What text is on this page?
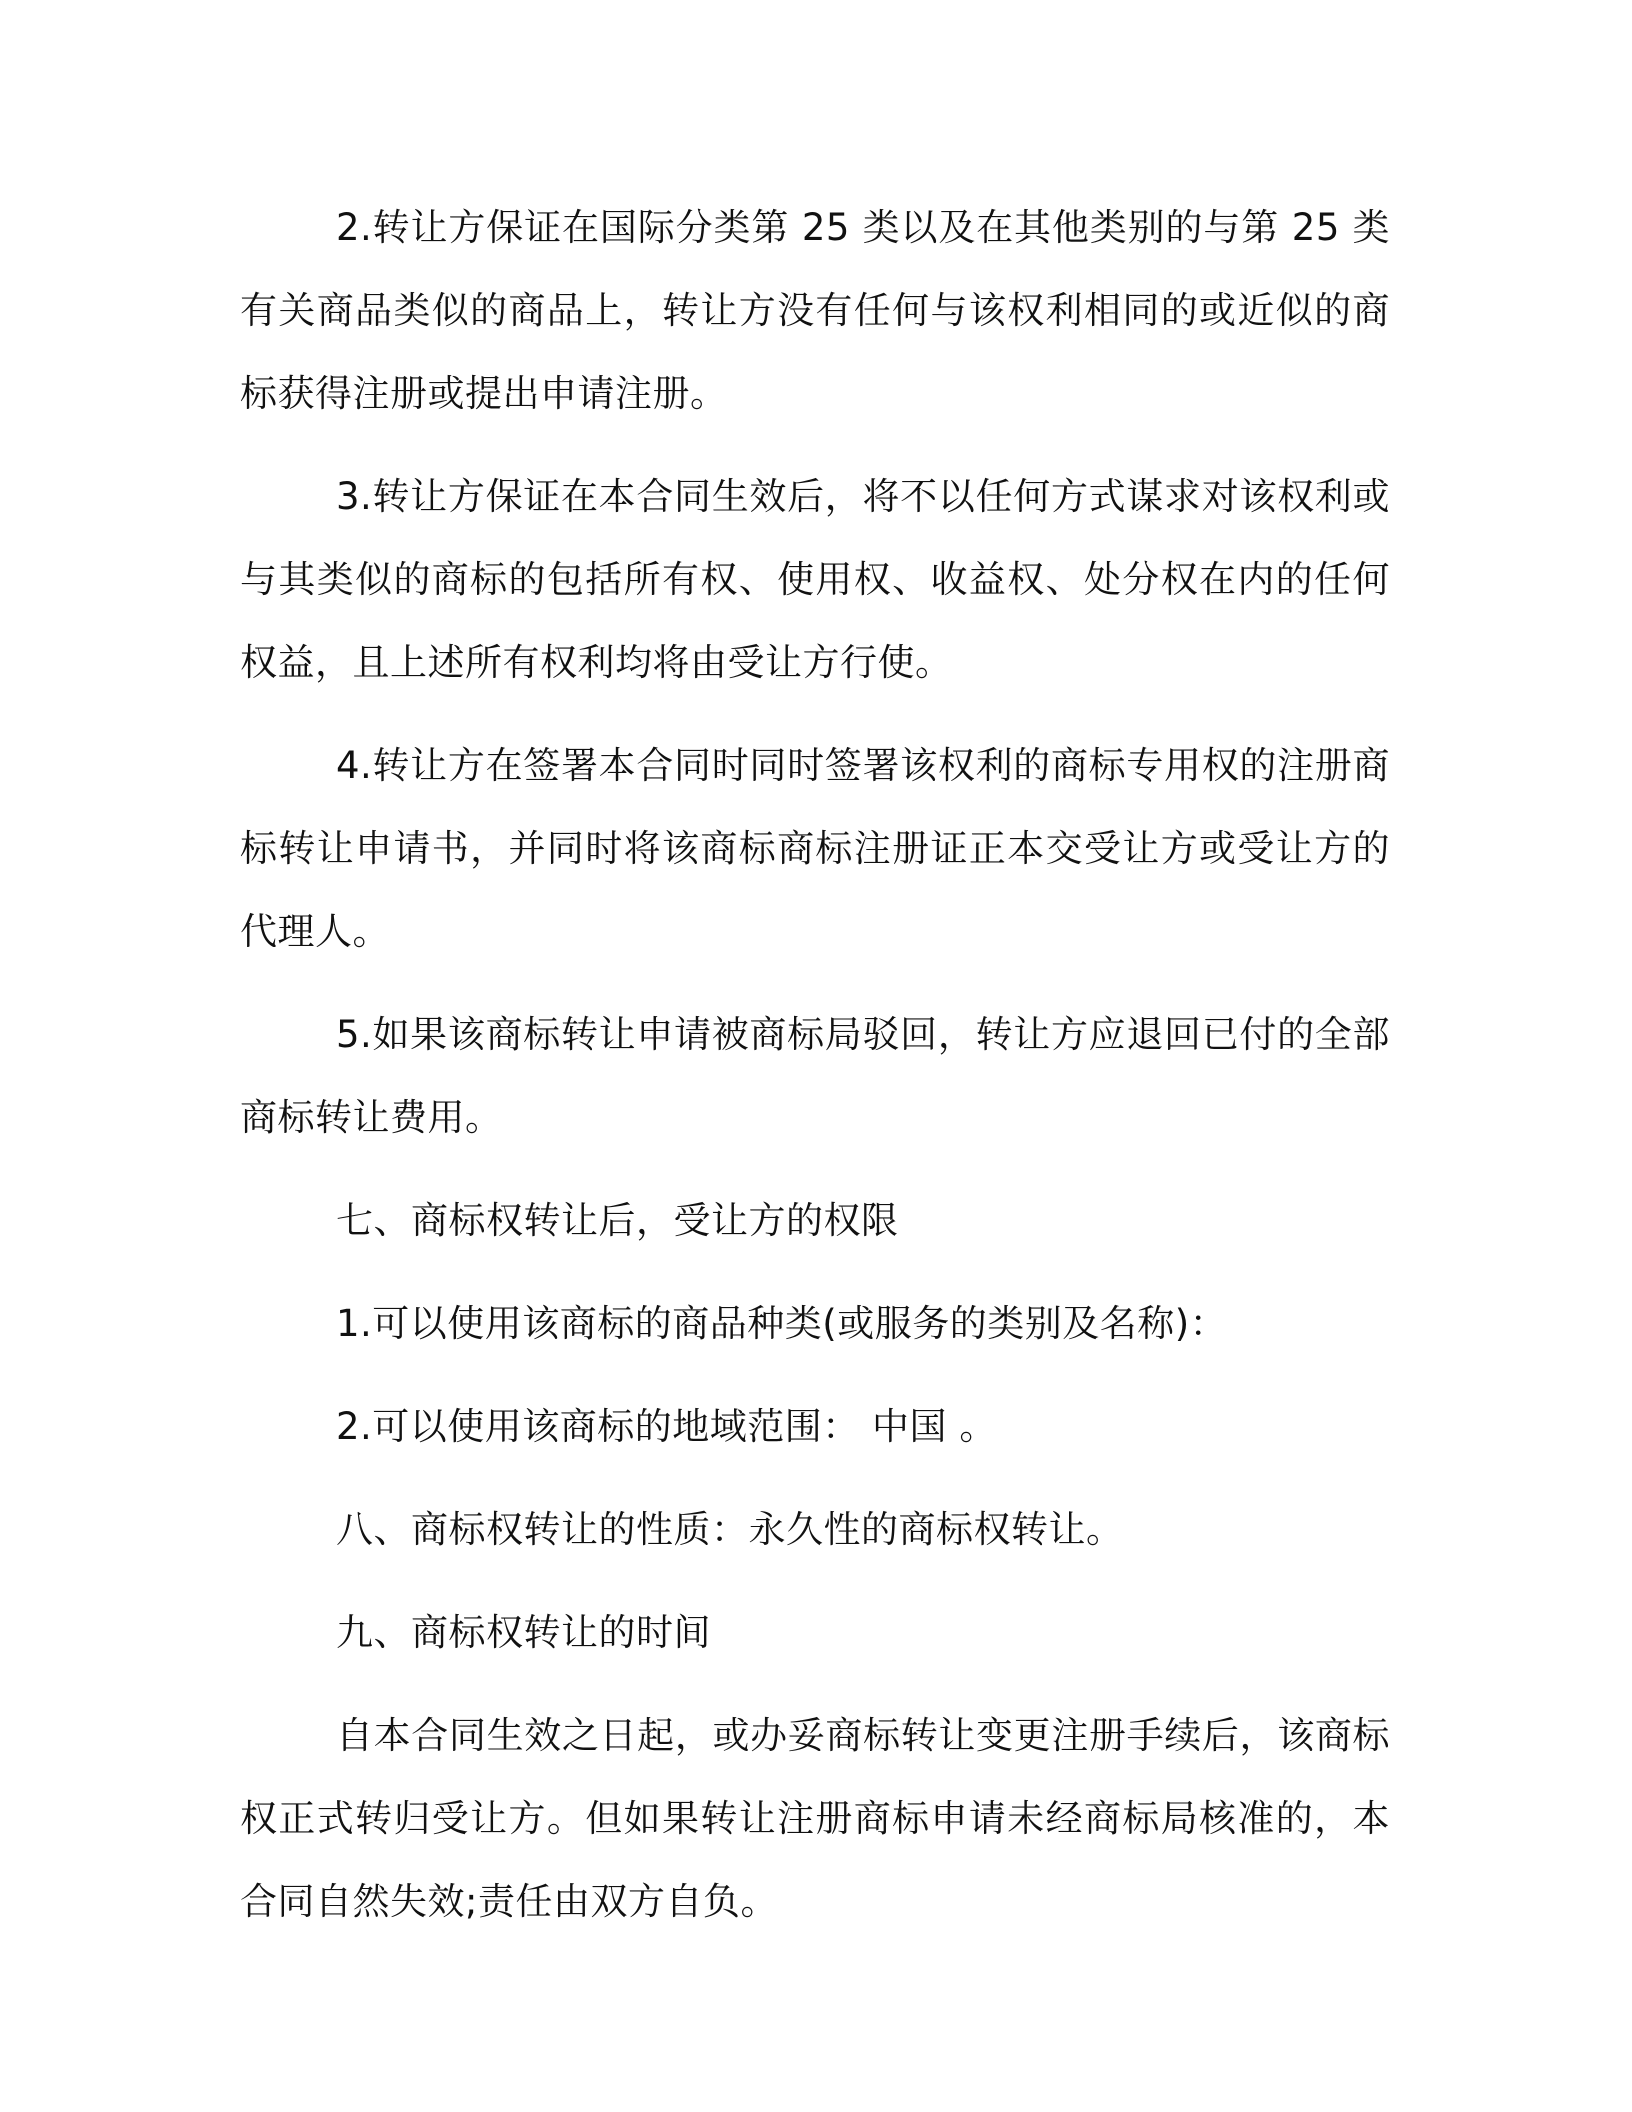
2.转让方保证在国际分类第 25 类以及在其他类别的与第 25 类有关商品类似的商品上，转让方没有任何与该权利相同的或近似的商标获得注册或提出申请注册。

3.转让方保证在本合同生效后，将不以任何方式谋求对该权利或与其类似的商标的包括所有权、使用权、收益权、处分权在内的任何权益，且上述所有权利均将由受让方行使。

4.转让方在签署本合同时同时签署该权利的商标专用权的注册商标转让申请书，并同时将该商标商标注册证正本交受让方或受让方的代理人。

5.如果该商标转让申请被商标局驳回，转让方应退回已付的全部商标转让费用。

七、商标权转让后，受让方的权限

1.可以使用该商标的商品种类(或服务的类别及名称)：

2.可以使用该商标的地域范围： 中国 。

八、商标权转让的性质：永久性的商标权转让。

九、商标权转让的时间

自本合同生效之日起，或办妥商标转让变更注册手续后，该商标权正式转归受让方。但如果转让注册商标申请未经商标局核准的，本合同自然失效;责任由双方自负。
